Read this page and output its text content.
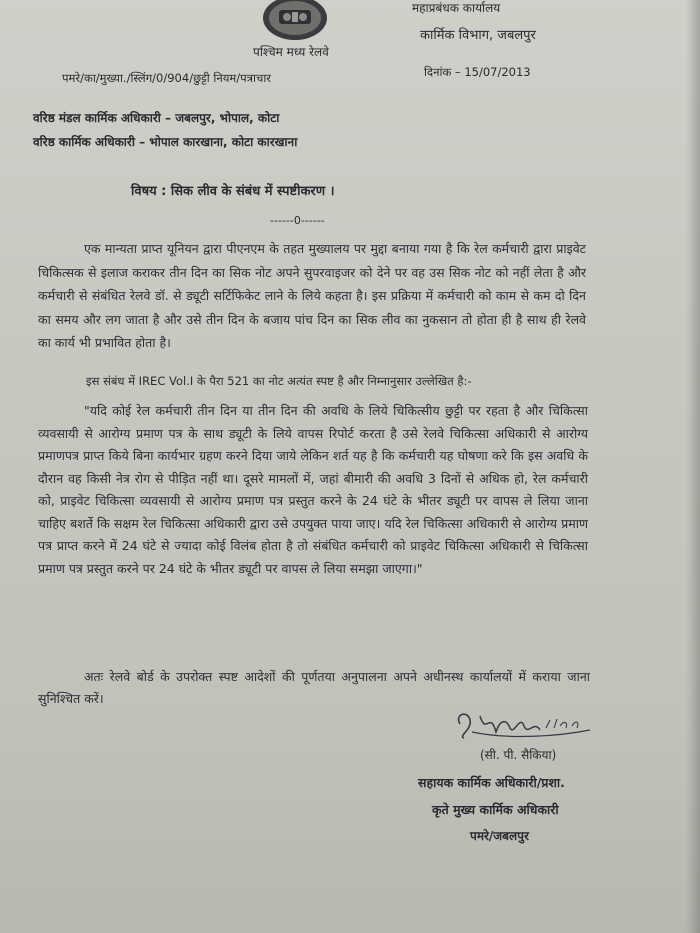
महाप्रबंधक कार्यालय
कार्मिक विभाग, जबलपुर
पश्चिम मध्य रेलवे
पमरे/का/मुख्या./स्लिंग/0/904/छुट्टी नियम/पत्राचार	दिनांक – 15/07/2013
वरिष्ठ मंडल कार्मिक अधिकारी – जबलपुर, भोपाल, कोटा
वरिष्ठ कार्मिक अधिकारी – भोपाल कारखाना, कोटा कारखाना
विषय : सिक लीव के संबंध में स्पष्टीकरण ।
------0------

एक मान्यता प्राप्त यूनियन द्वारा पीएनएम के तहत मुख्यालय पर मुद्दा बनाया गया है कि रेल कर्मचारी द्वारा प्राइवेट चिकित्सक से इलाज कराकर तीन दिन का सिक नोट अपने सुपरवाइजर को देने पर वह उस सिक नोट को नहीं लेता है और कर्मचारी से संबंधित रेलवे डॉ. से ड्यूटी सर्टिफिकेट लाने के लिये कहता है। इस प्रक्रिया में कर्मचारी को काम से कम दो दिन का समय और लग जाता है और उसे तीन दिन के बजाय पांच दिन का सिक लीव का नुकसान तो होता ही है साथ ही रेलवे का कार्य भी प्रभावित होता है।

इस संबंध में IREC Vol.I के पैरा 521 का नोट अत्यंत स्पष्ट है और निम्नानुसार उल्लेखित है:-

"यदि कोई रेल कर्मचारी तीन दिन या तीन दिन की अवधि के लिये चिकित्सीय छुट्टी पर रहता है और चिकित्सा व्यवसायी से आरोग्य प्रमाण पत्र के साथ ड्यूटी के लिये वापस रिपोर्ट करता है उसे रेलवे चिकित्सा अधिकारी से आरोग्य प्रमाणपत्र प्राप्त किये बिना कार्यभार ग्रहण करने दिया जाये लेकिन शर्त यह है कि कर्मचारी यह घोषणा करे कि इस अवधि के दौरान वह किसी नेत्र रोग से पीड़ित नहीं था। दूसरे मामलों में, जहां बीमारी की अवधि 3 दिनों से अधिक हो, रेल कर्मचारी को, प्राइवेट चिकित्सा व्यवसायी से आरोग्य प्रमाण पत्र प्रस्तुत करने के 24 घंटे के भीतर ड्यूटी पर वापस ले लिया जाना चाहिए बशर्ते कि सक्षम रेल चिकित्सा अधिकारी द्वारा उसे उपयुक्त पाया जाए। यदि रेल चिकित्सा अधिकारी से आरोग्य प्रमाण पत्र प्राप्त करने में 24 घंटे से ज्यादा कोई विलंब होता है तो संबंधित कर्मचारी को प्राइवेट चिकित्सा अधिकारी से चिकित्सा प्रमाण पत्र प्रस्तुत करने पर 24 घंटे के भीतर ड्यूटी पर वापस ले लिया समझा जाएगा।"

अतः रेलवे बोर्ड के उपरोक्त स्पष्ट आदेशों की पूर्णतया अनुपालना अपने अधीनस्थ कार्यालयों में कराया जाना सुनिश्चित करें।

(सी. पी. सैकिया)
सहायक कार्मिक अधिकारी/प्रशा.
कृते मुख्य कार्मिक अधिकारी
पमरे/जबलपुर
